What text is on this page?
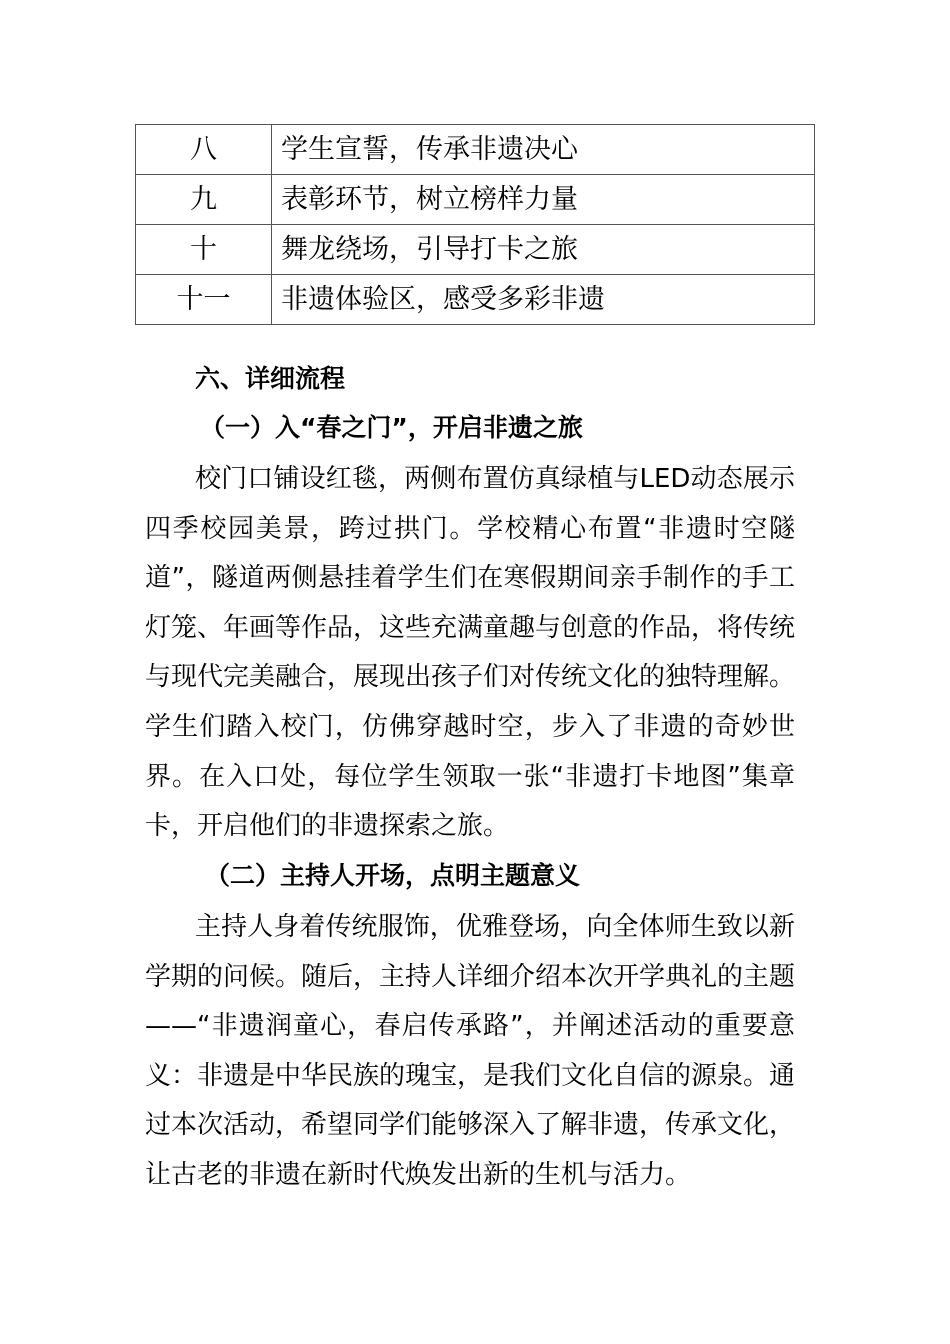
八	学生宣誓，传承非遗决心
九	表彰环节，树立榜样力量
十	舞龙绕场，引导打卡之旅
十一	非遗体验区，感受多彩非遗
六、详细流程
（一）入“春之门”，开启非遗之旅

校门口铺设红毯，两侧布置仿真绿植与LED动态展示四季校园美景，跨过拱门。学校精心布置“非遗时空隧道”，隧道两侧悬挂着学生们在寒假期间亲手制作的手工灯笼、年画等作品，这些充满童趣与创意的作品，将传统与现代完美融合，展现出孩子们对传统文化的独特理解。学生们踏入校门，仿佛穿越时空，步入了非遗的奇妙世界。在入口处，每位学生领取一张“非遗打卡地图”集章卡，开启他们的非遗探索之旅。

（二）主持人开场，点明主题意义

主持人身着传统服饰，优雅登场，向全体师生致以新学期的问候。随后，主持人详细介绍本次开学典礼的主题——“非遗润童心，春启传承路”，并阐述活动的重要意义：非遗是中华民族的瑰宝，是我们文化自信的源泉。通过本次活动，希望同学们能够深入了解非遗，传承文化，让古老的非遗在新时代焕发出新的生机与活力。
